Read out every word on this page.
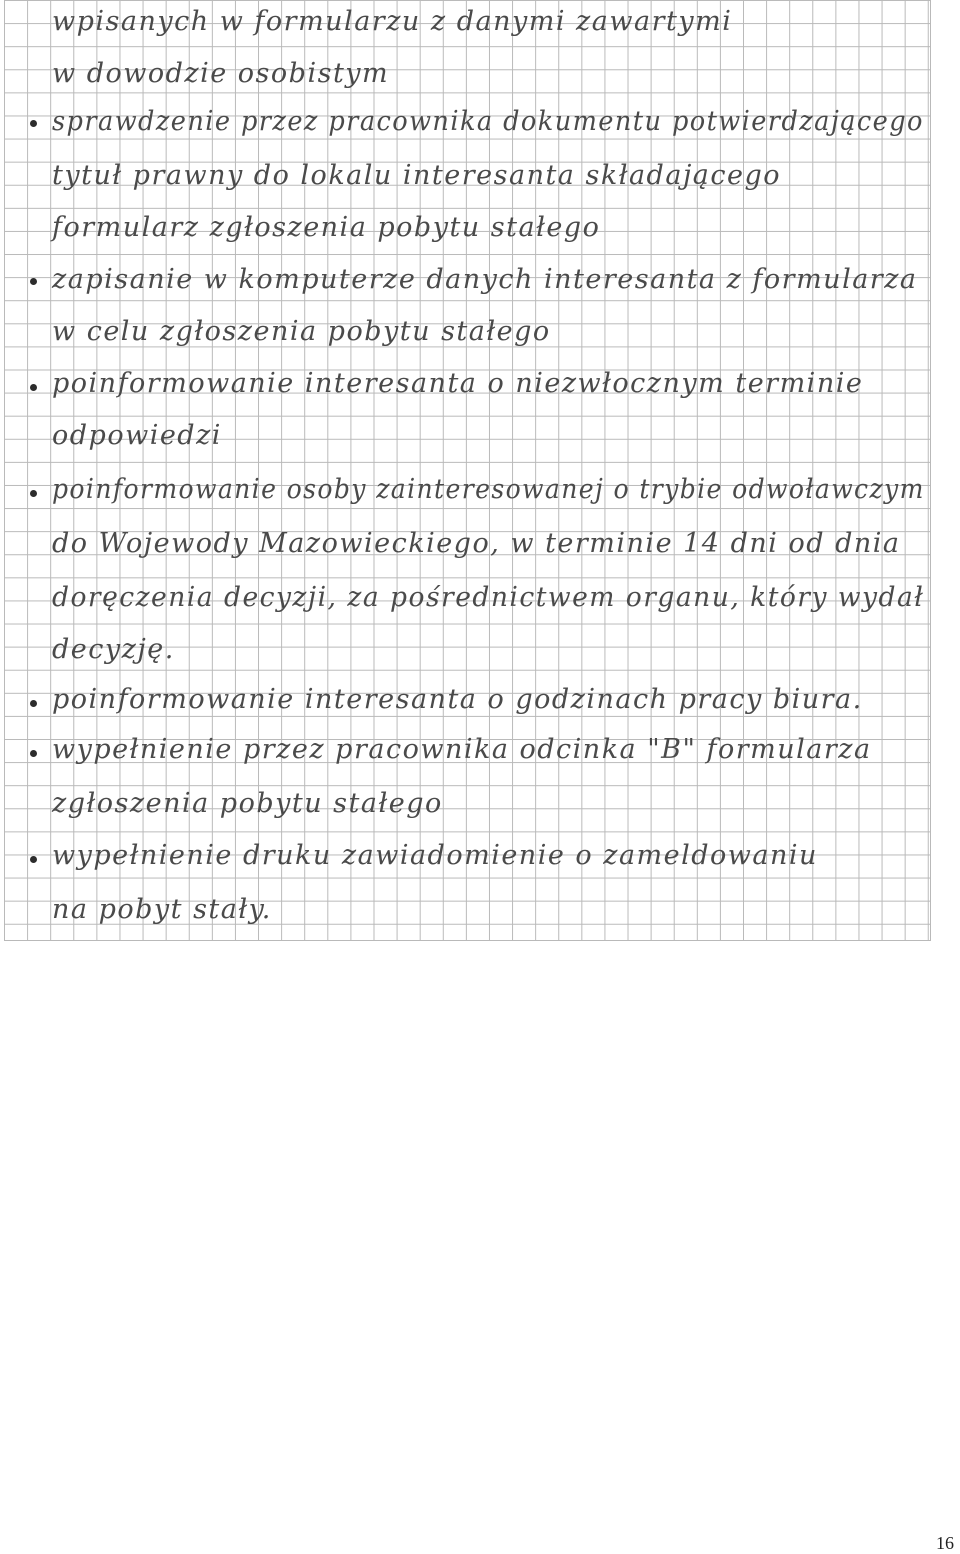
wpisanych w formularzu z danymi zawartymi

w dowodzie osobistym

sprawdzenie przez pracownika dokumentu potwierdzającego

tytuł prawny do lokalu interesanta składającego

formularz zgłoszenia pobytu stałego

zapisanie w komputerze danych interesanta z formularza

w celu zgłoszenia pobytu stałego

poinformowanie interesanta o niezwłocznym terminie

odpowiedzi

poinformowanie osoby zainteresowanej o trybie odwoławczym

do Wojewody Mazowieckiego, w terminie 14 dni od dnia

doręczenia decyzji, za pośrednictwem organu, który wydał

decyzję.

poinformowanie interesanta o godzinach pracy biura.

wypełnienie przez pracownika odcinka "B" formularza

zgłoszenia pobytu stałego

wypełnienie druku zawiadomienie o zameldowaniu

na pobyt stały.

16
